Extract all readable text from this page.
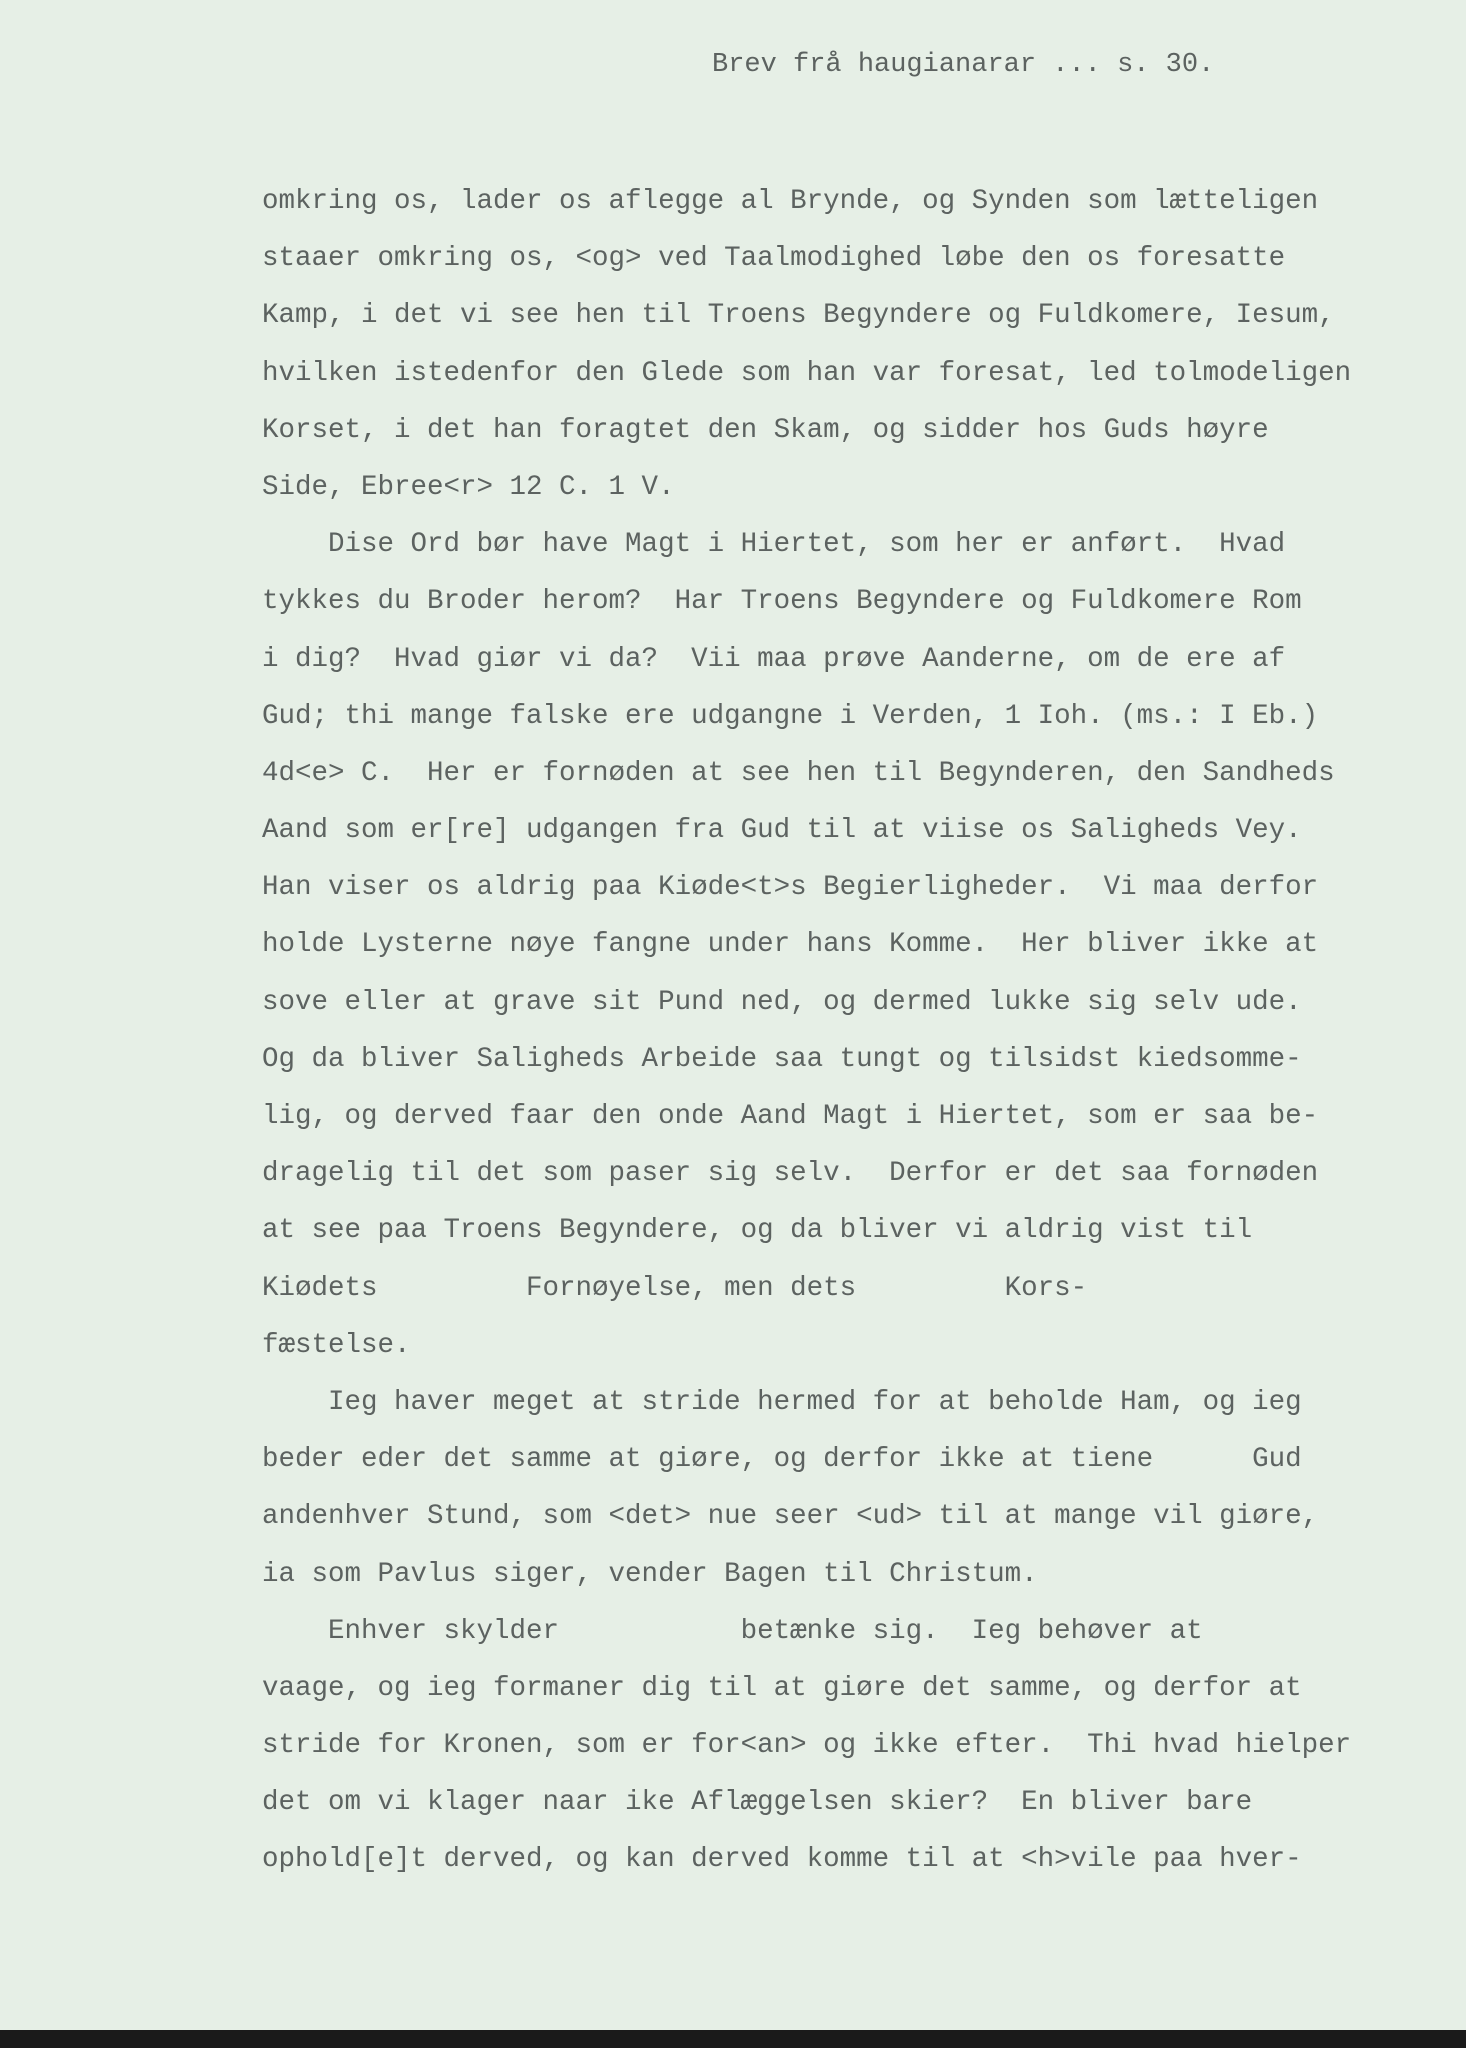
Brev frå haugianarar ... s. 30.
omkring os, lader os aflegge al Brynde, og Synden som lætteligen
staaer omkring os, <og> ved Taalmodighed løbe den os foresatte
Kamp, i det vi see hen til Troens Begyndere og Fuldkomere, Iesum,
hvilken istedenfor den Glede som han var foresat, led tolmodeligen
Korset, i det han foragtet den Skam, og sidder hos Guds høyre
Side, Ebree<r> 12 C. 1 V.
Dise Ord bør have Magt i Hiertet, som her er anført.  Hvad
tykkes du Broder herom?  Har Troens Begyndere og Fuldkomere Rom
i dig?  Hvad giør vi da?  Vii maa prøve Aanderne, om de ere af
Gud; thi mange falske ere udgangne i Verden, 1 Ioh. (ms.: I Eb.)
4d<e> C.  Her er fornøden at see hen til Begynderen, den Sandheds
Aand som er[re] udgangen fra Gud til at viise os Saligheds Vey.
Han viser os aldrig paa Kiøde<t>s Begierligheder.  Vi maa derfor
holde Lysterne nøye fangne under hans Komme.  Her bliver ikke at
sove eller at grave sit Pund ned, og dermed lukke sig selv ude.
Og da bliver Saligheds Arbeide saa tungt og tilsidst kiedsomme-
lig, og derved faar den onde Aand Magt i Hiertet, som er saa be-
dragelig til det som paser sig selv.  Derfor er det saa fornøden
at see paa Troens Begyndere, og da bliver vi aldrig vist til
Kiødets         Fornøyelse, men dets         Kors-
fæstelse.
Ieg haver meget at stride hermed for at beholde Ham, og ieg
beder eder det samme at giøre, og derfor ikke at tiene      Gud
andenhver Stund, som <det> nue seer <ud> til at mange vil giøre,
ia som Pavlus siger, vender Bagen til Christum.
Enhver skylder           betænke sig.  Ieg behøver at
vaage, og ieg formaner dig til at giøre det samme, og derfor at
stride for Kronen, som er for<an> og ikke efter.  Thi hvad hielper
det om vi klager naar ike Aflæggelsen skier?  En bliver bare
ophold[e]t derved, og kan derved komme til at <h>vile paa hver-
